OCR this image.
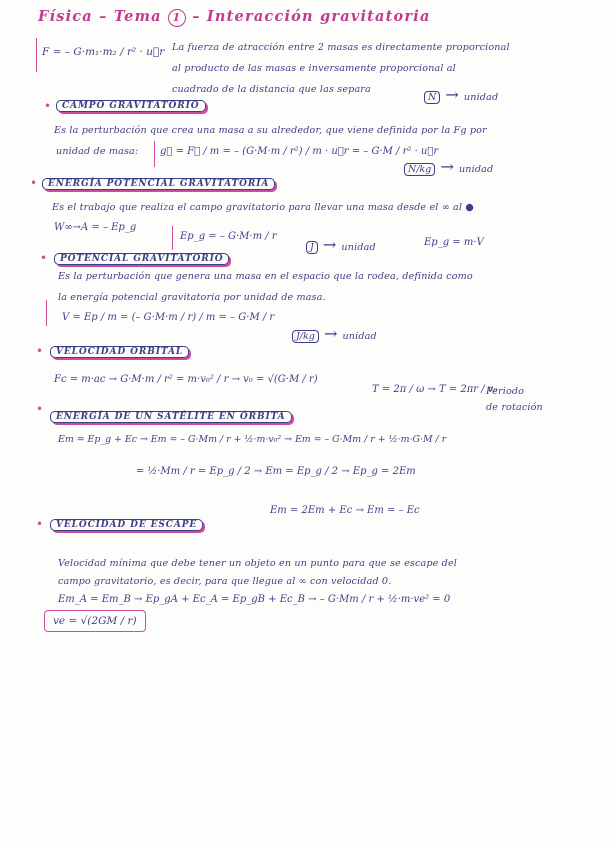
Física – Tema 1 – Interacción gravitatoria
F = – G·m₁·m₂ / r² · u⃗r La fuerza de atracción entre 2 masas es directamente proporcional
al producto de las masas e inversamente proporcional al
cuadrado de la distancia que las separa
N → unidad
•	CAMPO GRAVITATORIO
Es la perturbación que crea una masa a su alrededor, que viene definida por la Fg por
unidad de masa: g⃗ = F⃗ / m = – (G·M·m / r²) / m · u⃗r = – G·M / r² · u⃗r
N/kg → unidad
•	ENERGÍA POTENCIAL GRAVITATORIA
Es el trabajo que realiza el campo gravitatorio para llevar una masa desde el ∞ al ●
W∞→A = – Ep_g
Ep_g = – G·M·m / r
J → unidad	Ep_g = m·V
•	POTENCIAL GRAVITATORIO
Es la perturbación que genera una masa en el espacio que la rodea, definida como
la energía potencial gravitatoria por unidad de masa.
V = Ep / m = (– G·M·m / r) / m = – G·M / r
J/kg → unidad
•	VELOCIDAD ORBITAL
Fc = m·ac → G·M·m / r² = m·v₀² / r → v₀ = √(G·M / r)
T = 2π / ω → T = 2πr / v₀
Periodo
de rotación
•
ENERGÍA DE UN SATÉLITE EN ÓRBITA
Em = Ep_g + Ec → Em = – G·Mm / r + ½·m·v₀² → Em = – G·Mm / r + ½·m·G·M / r
= ½·Mm / r = Ep_g / 2 → Em = Ep_g / 2 → Ep_g = 2Em
Em = 2Em + Ec → Em = – Ec
•	VELOCIDAD DE ESCAPE
Velocidad mínima que debe tener un objeto en un punto para que se escape del
campo gravitatorio, es decir, para que llegue al ∞ con velocidad 0.
Em_A = Em_B → Ep_gA + Ec_A = Ep_gB + Ec_B → – G·Mm / r + ½·m·ve² = 0
ve = √(2GM / r)
